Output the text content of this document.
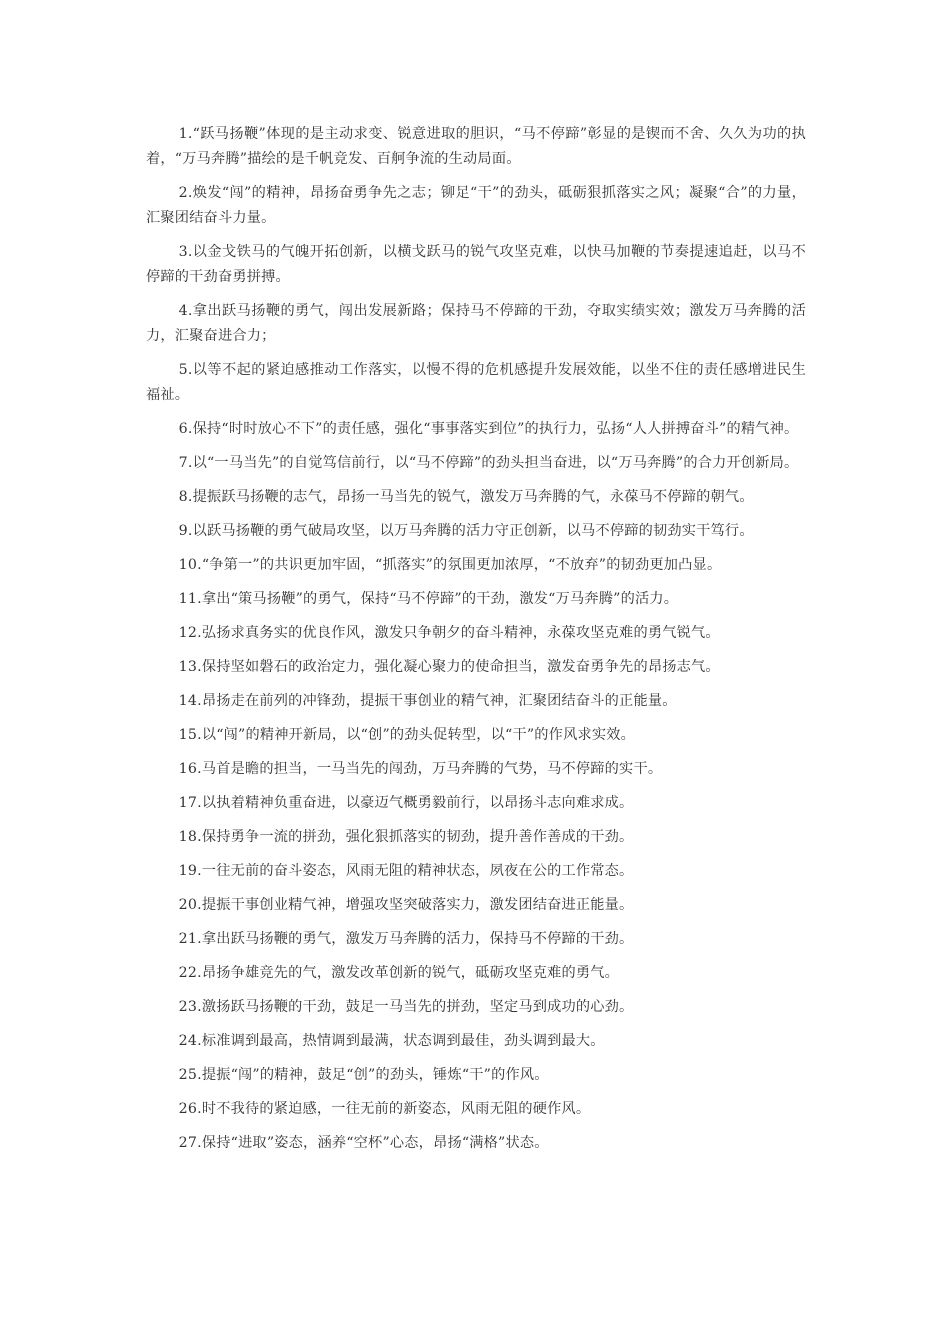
1.“跃马扬鞭”体现的是主动求变、锐意进取的胆识，“马不停蹄”彰显的是锲而不舍、久久为功的执着，“万马奔腾”描绘的是千帆竞发、百舸争流的生动局面。

2.焕发“闯”的精神，昂扬奋勇争先之志；铆足“干”的劲头，砥砺狠抓落实之风；凝聚“合”的力量，汇聚团结奋斗力量。

3.以金戈铁马的气魄开拓创新，以横戈跃马的锐气攻坚克难，以快马加鞭的节奏提速追赶，以马不停蹄的干劲奋勇拼搏。

4.拿出跃马扬鞭的勇气，闯出发展新路；保持马不停蹄的干劲，夺取实绩实效；激发万马奔腾的活力，汇聚奋进合力；

5.以等不起的紧迫感推动工作落实，以慢不得的危机感提升发展效能，以坐不住的责任感增进民生福祉。

6.保持“时时放心不下”的责任感，强化“事事落实到位”的执行力，弘扬“人人拼搏奋斗”的精气神。

7.以“一马当先”的自觉笃信前行，以“马不停蹄”的劲头担当奋进，以“万马奔腾”的合力开创新局。

8.提振跃马扬鞭的志气，昂扬一马当先的锐气，激发万马奔腾的气，永葆马不停蹄的朝气。

9.以跃马扬鞭的勇气破局攻坚，以万马奔腾的活力守正创新，以马不停蹄的韧劲实干笃行。

10.“争第一”的共识更加牢固，“抓落实”的氛围更加浓厚，“不放弃”的韧劲更加凸显。

11.拿出“策马扬鞭”的勇气，保持“马不停蹄”的干劲，激发“万马奔腾”的活力。

12.弘扬求真务实的优良作风，激发只争朝夕的奋斗精神，永葆攻坚克难的勇气锐气。

13.保持坚如磐石的政治定力，强化凝心聚力的使命担当，激发奋勇争先的昂扬志气。

14.昂扬走在前列的冲锋劲，提振干事创业的精气神，汇聚团结奋斗的正能量。

15.以“闯”的精神开新局，以“创”的劲头促转型，以“干”的作风求实效。

16.马首是瞻的担当，一马当先的闯劲，万马奔腾的气势，马不停蹄的实干。

17.以执着精神负重奋进，以豪迈气概勇毅前行，以昂扬斗志向难求成。

18.保持勇争一流的拼劲，强化狠抓落实的韧劲，提升善作善成的干劲。

19.一往无前的奋斗姿态，风雨无阻的精神状态，夙夜在公的工作常态。

20.提振干事创业精气神，增强攻坚突破落实力，激发团结奋进正能量。

21.拿出跃马扬鞭的勇气，激发万马奔腾的活力，保持马不停蹄的干劲。

22.昂扬争雄竞先的气，激发改革创新的锐气，砥砺攻坚克难的勇气。

23.激扬跃马扬鞭的干劲，鼓足一马当先的拼劲，坚定马到成功的心劲。

24.标准调到最高，热情调到最满，状态调到最佳，劲头调到最大。

25.提振“闯”的精神，鼓足“创”的劲头，锤炼“干”的作风。

26.时不我待的紧迫感，一往无前的新姿态，风雨无阻的硬作风。

27.保持“进取”姿态，涵养“空杯”心态，昂扬“满格”状态。
